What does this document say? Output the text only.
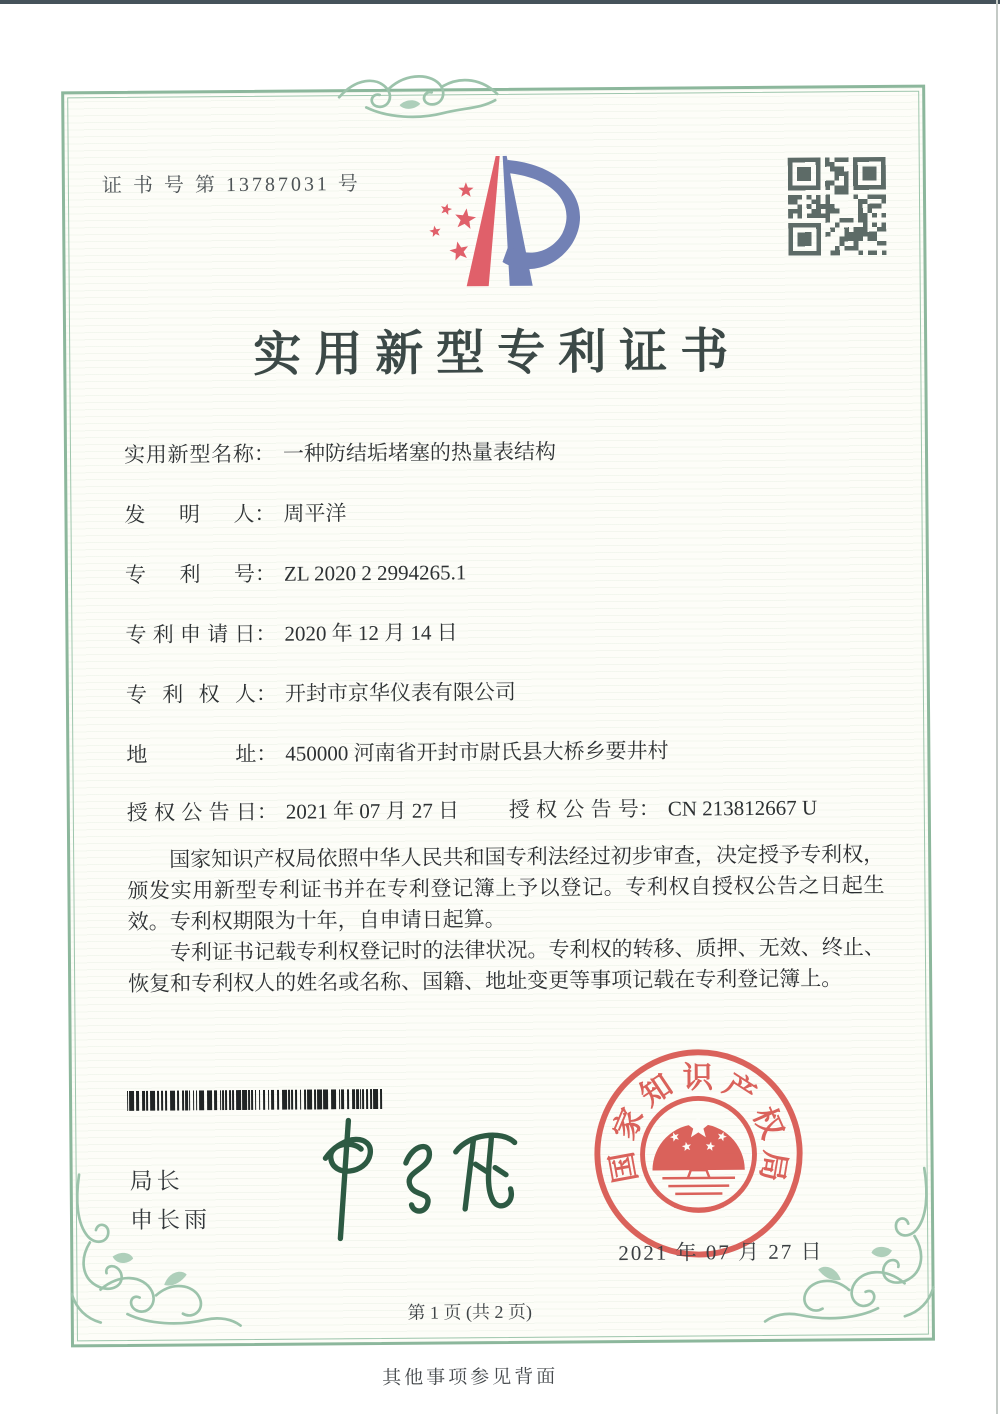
证 书 号 第 13787031 号
实用新型专利证书
实用新型名称： 一种防结垢堵塞的热量表结构
发明人： 周平洋
专利号： ZL 2020 2 2994265.1
专利申请日： 2020 年 12 月 14 日
专利权人： 开封市京华仪表有限公司
地址： 450000 河南省开封市尉氏县大桥乡要井村
授权公告日： 2021 年 07 月 27 日 授权公告号： CN 213812667 U

国家知识产权局依照中华人民共和国专利法经过初步审查，决定授予专利权，颁发实用新型专利证书并在专利登记簿上予以登记。专利权自授权公告之日起生效。专利权期限为十年，自申请日起算。

专利证书记载专利权登记时的法律状况。专利权的转移、质押、无效、终止、恢复和专利权人的姓名或名称、国籍、地址变更等事项记载在专利登记簿上。

局长
申长雨
国
家
知 识 产
权
局
2021 年 07 月 27 日
第 1 页 (共 2 页)
其他事项参见背面
